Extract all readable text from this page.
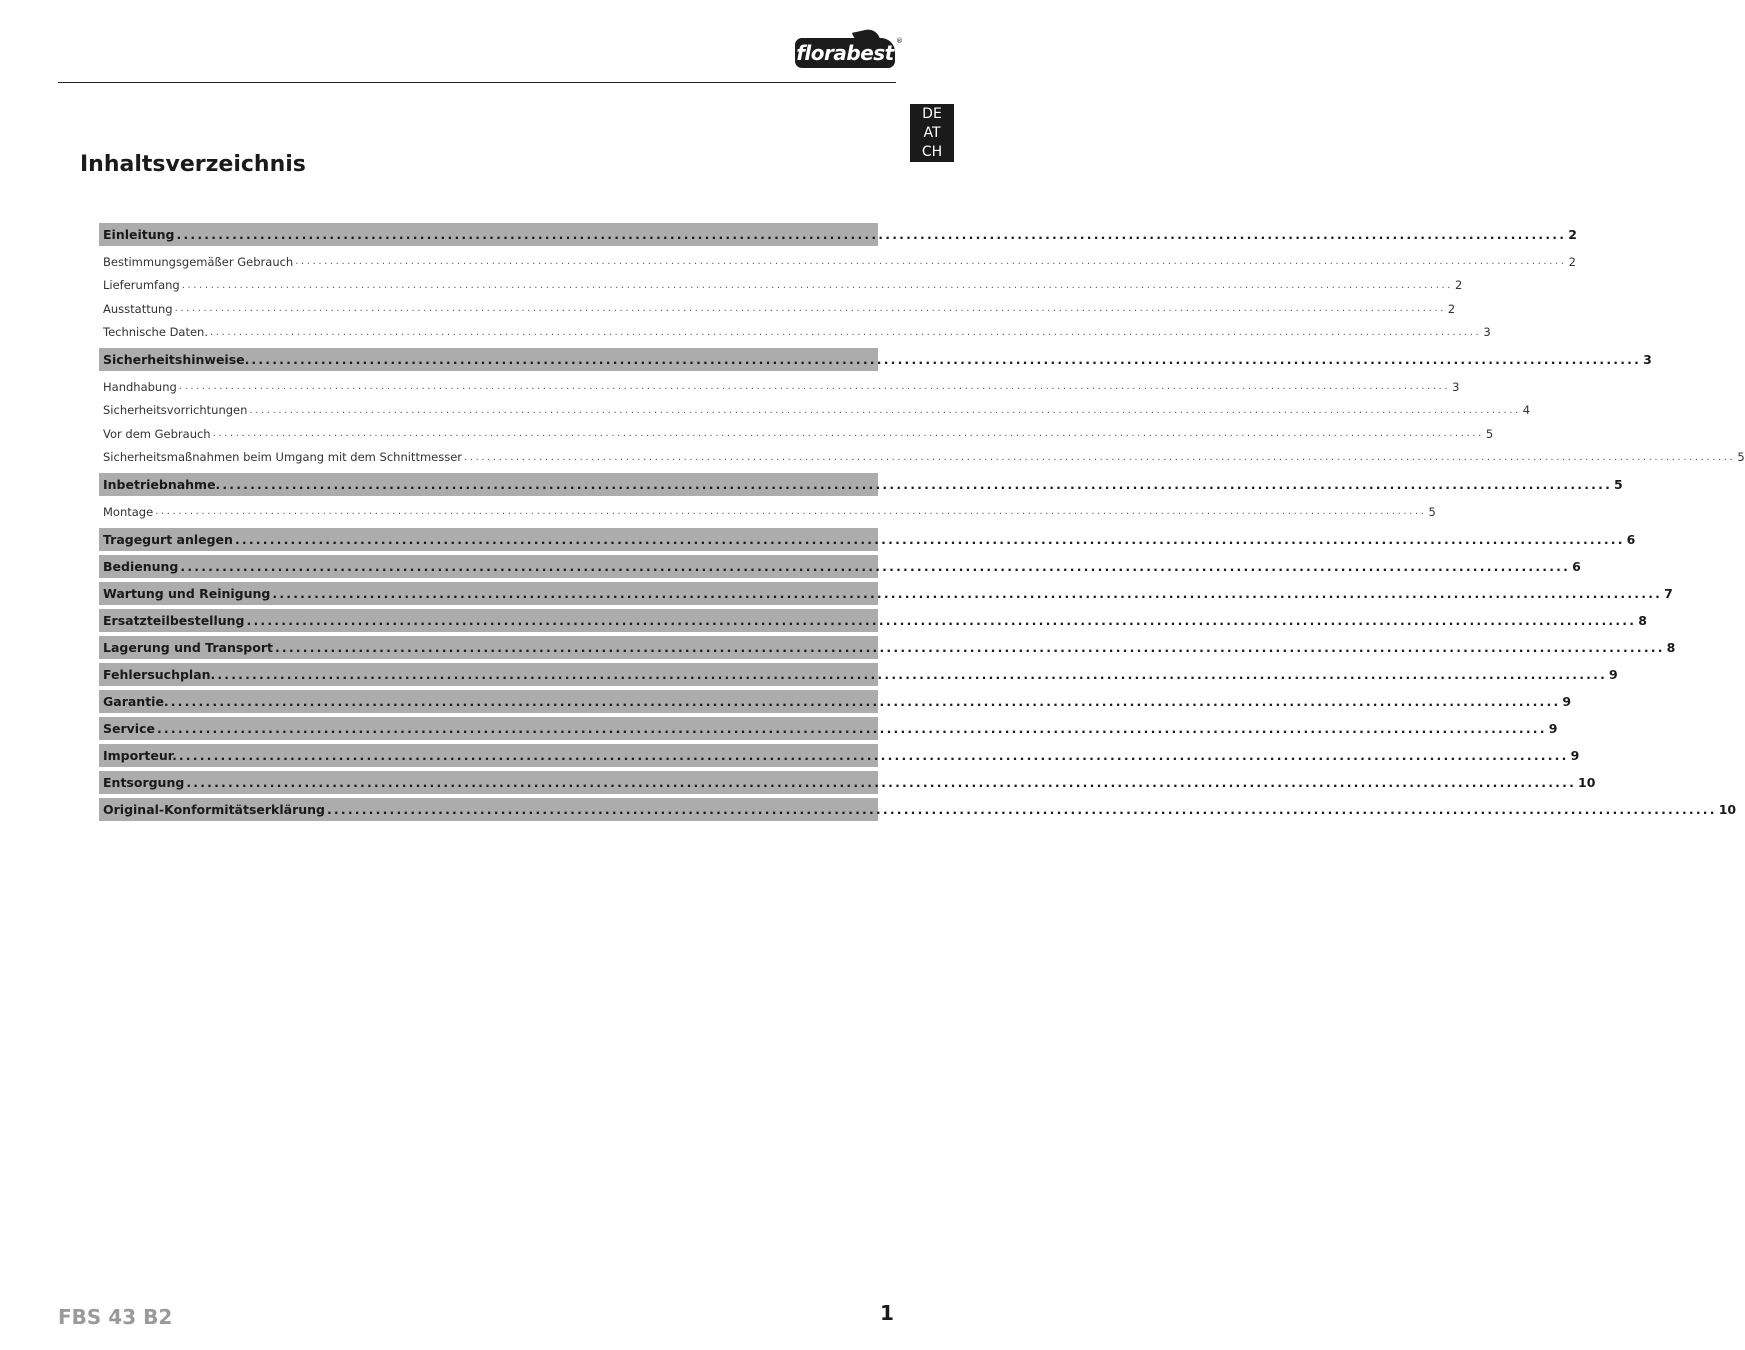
florabest ®
DE
AT
CH
Inhaltsverzeichnis
Einleitung ........................................................................................................................................................................................................ 2
Bestimmungsgemäßer Gebrauch ............................................................................................................................................................................................................................ 2
Lieferumfang ............................................................................................................................................................................................................................ 2
Ausstattung ............................................................................................................................................................................................................................ 2
Technische Daten. ............................................................................................................................................................................................................................ 3
Sicherheitshinweise. ........................................................................................................................................................................................................ 3
Handhabung ............................................................................................................................................................................................................................ 3
Sicherheitsvorrichtungen ............................................................................................................................................................................................................................ 4
Vor dem Gebrauch ............................................................................................................................................................................................................................ 5
Sicherheitsmaßnahmen beim Umgang mit dem Schnittmesser ............................................................................................................................................................................................................................ 5
Inbetriebnahme. ........................................................................................................................................................................................................ 5
Montage ............................................................................................................................................................................................................................ 5
Tragegurt anlegen ........................................................................................................................................................................................................ 6
Bedienung ........................................................................................................................................................................................................ 6
Wartung und Reinigung ........................................................................................................................................................................................................ 7
Ersatzteilbestellung ........................................................................................................................................................................................................ 8
Lagerung und Transport ........................................................................................................................................................................................................ 8
Fehlersuchplan. ........................................................................................................................................................................................................ 9
Garantie. ........................................................................................................................................................................................................ 9
Service ........................................................................................................................................................................................................ 9
Importeur. ........................................................................................................................................................................................................ 9
Entsorgung ........................................................................................................................................................................................................ 10
Original-Konformitätserklärung ........................................................................................................................................................................................................ 10
FBS 43 B2	1
